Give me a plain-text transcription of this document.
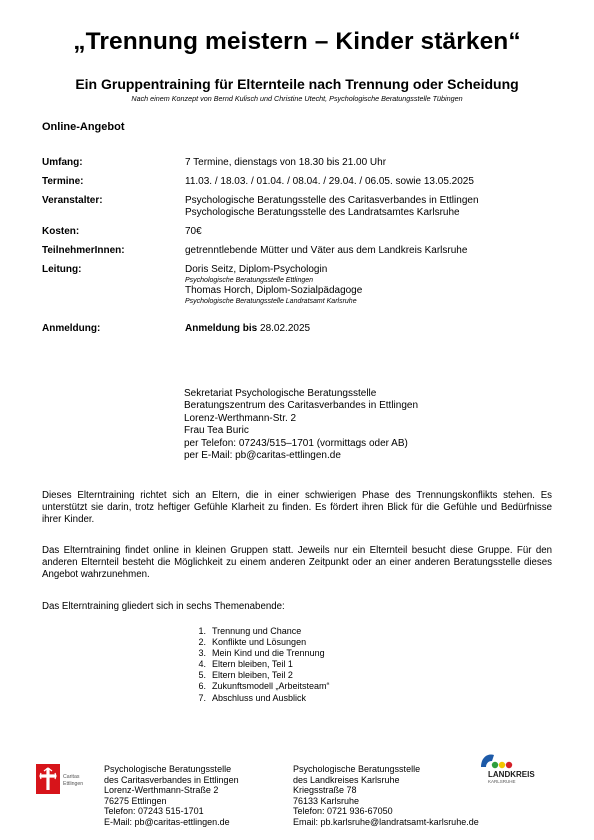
„Trennung meistern – Kinder stärken“
Ein Gruppentraining für Elternteile nach Trennung oder Scheidung
Nach einem Konzept von Bernd Kulisch und Christine Utecht, Psychologische Beratungsstelle Tübingen
Online-Angebot
Umfang:	7 Termine, dienstags von 18.30 bis 21.00 Uhr
Termine:	11.03. / 18.03. / 01.04. / 08.04. / 29.04. / 06.05. sowie 13.05.2025
Veranstalter:	Psychologische Beratungsstelle des Caritasverbandes in Ettlingen
Psychologische Beratungsstelle des Landratsamtes Karlsruhe
Kosten:	70€
TeilnehmerInnen:	getrenntlebende Mütter und Väter aus dem Landkreis Karlsruhe
Leitung:	Doris Seitz, Diplom-Psychologin
Psychologische Beratungsstelle Ettlingen
Thomas Horch, Diplom-Sozialpädagoge
Psychologische Beratungsstelle Landratsamt Karlsruhe
Anmeldung:	Anmeldung bis 28.02.2025
Sekretariat Psychologische Beratungsstelle
Beratungszentrum des Caritasverbandes in Ettlingen
Lorenz-Werthmann-Str. 2
Frau Tea Buric
per Telefon: 07243/515–1701 (vormittags oder AB)
per E-Mail: pb@caritas-ettlingen.de
Dieses Elterntraining richtet sich an Eltern, die in einer schwierigen Phase des Trennungskonflikts stehen. Es unterstützt sie darin, trotz heftiger Gefühle Klarheit zu finden. Es fördert ihren Blick für die Gefühle und Bedürfnisse ihrer Kinder.
Das Elterntraining findet online in kleinen Gruppen statt. Jeweils nur ein Elternteil besucht diese Gruppe. Für den anderen Elternteil besteht die Möglichkeit zu einem anderen Zeitpunkt oder an einer anderen Beratungsstelle dieses Angebot wahrzunehmen.
Das Elterntraining gliedert sich in sechs Themenabende:
1. Trennung und Chance
2. Konflikte und Lösungen
3. Mein Kind und die Trennung
4. Eltern bleiben, Teil 1
5. Eltern bleiben, Teil 2
6. Zukunftsmodell „Arbeitsteam“
7. Abschluss und Ausblick
Caritas
Ettlingen
Psychologische Beratungsstelle
des Caritasverbandes in Ettlingen
Lorenz-Werthmann-Straße 2
76275 Ettlingen
Telefon: 07243 515-1701
E-Mail: pb@caritas-ettlingen.de
Psychologische Beratungsstelle
des Landkreises Karlsruhe
Kriegsstraße 78
76133 Karlsruhe
Telefon: 0721 936-67050
Email: pb.karlsruhe@landratsamt-karlsruhe.de
LANDKREIS
KARLSRUHE
